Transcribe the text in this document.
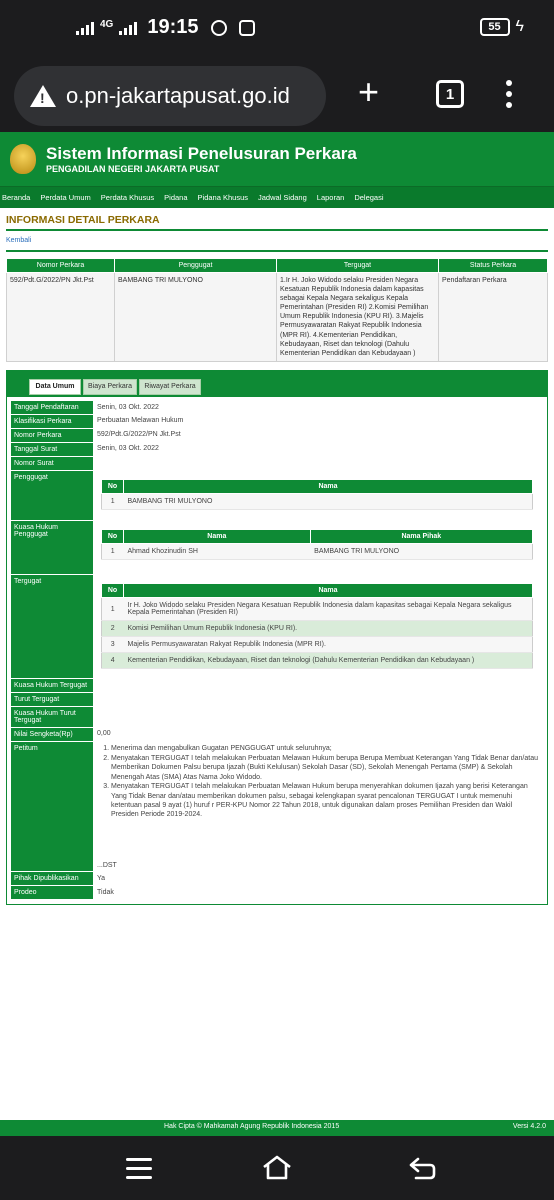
4G 19:15	55 ϟ
!
o.pn-jakartapusat.go.id +	1
Sistem Informasi Penelusuran Perkara
PENGADILAN NEGERI JAKARTA PUSAT
Beranda Perdata Umum Perdata Khusus Pidana Pidana Khusus Jadwal Sidang Laporan Delegasi
INFORMASI DETAIL PERKARA
Kembali
Nomor Perkara	Penggugat	Tergugat	Status Perkara
592/Pdt.G/2022/PN Jkt.Pst	BAMBANG TRI MULYONO	1.Ir H. Joko Widodo selaku Presiden Negara Kesatuan Republik Indonesia dalam kapasitas sebagai Kepala Negara sekaligus Kepala Pemerintahan (Presiden RI) 2.Komisi Pemilihan Umum Republik Indonesia (KPU RI). 3.Majelis Permusyawaratan Rakyat Republik Indonesia (MPR RI). 4.Kementerian Pendidikan, Kebudayaan, Riset dan teknologi (Dahulu Kementerian Pendidikan dan Kebudayaan )	Pendaftaran Perkara
Data Umum	Biaya Perkara	Riwayat Perkara
Tanggal Pendaftaran	Senin, 03 Okt. 2022
Klasifikasi Perkara	Perbuatan Melawan Hukum
Nomor Perkara	592/Pdt.G/2022/PN Jkt.Pst
Tanggal Surat	Senin, 03 Okt. 2022
Nomor Surat	
Penggugat	
No	Nama
1	BAMBANG TRI MULYONO

Kuasa Hukum Penggugat		No	Nama	Nama Pihak
1	Ahmad Khozinudin SH	BAMBANG TRI MULYONO

Tergugat	
No	Nama
1	Ir H. Joko Widodo selaku Presiden Negara Kesatuan Republik Indonesia dalam kapasitas sebagai Kepala Negara sekaligus Kepala Pemerintahan (Presiden RI)
2	Komisi Pemilihan Umum Republik Indonesia (KPU RI).
3	Majelis Permusyawaratan Rakyat Republik Indonesia (MPR RI).
4	Kementerian Pendidikan, Kebudayaan, Riset dan teknologi (Dahulu Kementerian Pendidikan dan Kebudayaan )

Kuasa Hukum Tergugat	
Turut Tergugat	
Kuasa Hukum Turut Tergugat	
Nilai Sengketa(Rp)	0,00
Petitum	
1.Menerima dan mengabulkan Gugatan PENGGUGAT untuk seluruhnya;
2. Menyatakan TERGUGAT I telah melakukan Perbuatan Melawan Hukum berupa Berupa Membuat Keterangan Yang Tidak Benar dan/atau Memberikan Dokumen Palsu berupa Ijazah (Bukti Kelulusan) Sekolah Dasar (SD), Sekolah Menengah Pertama (SMP) & Sekolah Menengah Atas (SMA) Atas Nama Joko Widodo.
3. Menyatakan TERGUGAT I telah melakukan Perbuatan Melawan Hukum berupa menyerahkan dokumen Ijazah yang berisi Keterangan Yang Tidak Benar dan/atau memberikan dokumen palsu, sebagai kelengkapan syarat pencalonan TERGUGAT I untuk memenuhi ketentuan pasal 9 ayat (1) huruf r PER-KPU Nomor 22 Tahun 2018, untuk digunakan dalam proses Pemilihan Presiden dan Wakil Presiden Periode 2019-2024.
...DST

Pihak Dipublikasikan	Ya
Prodeo	Tidak
Hak Cipta © Mahkamah Agung Republik Indonesia 2015	Versi 4.2.0
